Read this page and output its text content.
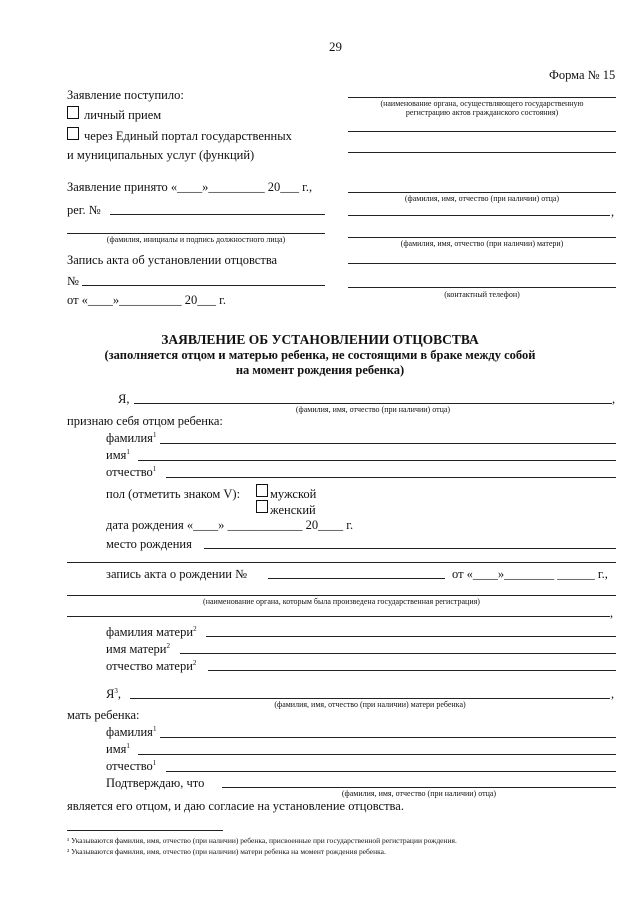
29
Форма № 15
Заявление поступило:
личный прием
через Единый портал государственных
и муниципальных услуг (функций)
Заявление принято «____»_________ 20___ г.,
рег. №
(фамилия, инициалы и подпись должностного лица)
Запись акта об установлении отцовства
№
от «____»__________ 20___ г.
(наименование органа, осуществляющего государственную
регистрацию актов гражданского состояния)
(фамилия, имя, отчество (при наличии) отца)
,
(фамилия, имя, отчество (при наличии) матери)
(контактный телефон)
ЗАЯВЛЕНИЕ ОБ УСТАНОВЛЕНИИ ОТЦОВСТВА
(заполняется отцом и матерью ребенка, не состоящими в браке между собой
на момент рождения ребенка)
Я,	,
(фамилия, имя, отчество (при наличии) отца)
признаю себя отцом ребенка:
фамилия$^1$
имя$^1$
отчество$^1$
пол (отметить знаком V): мужской
женский
дата рождения «____» ____________ 20____ г.
место рождения
запись акта о рождении №	от «____»________ ______ г.,
(наименование органа, которым была произведена государственная регистрация)
,
фамилия матери$^2$
имя матери$^2$
отчество матери$^2$
$Я^3$,	,
(фамилия, имя, отчество (при наличии) матери ребенка)
мать ребенка:
фамилия$^1$
имя$^1$
отчество$^1$
Подтверждаю, что
(фамилия, имя, отчество (при наличии) отца)
является его отцом, и даю согласие на установление отцовства.
¹ Указываются фамилия, имя, отчество (при наличии) ребенка, присвоенные при государственной регистрации рождения.
² Указываются фамилия, имя, отчество (при наличии) матери ребенка на момент рождения ребенка.
